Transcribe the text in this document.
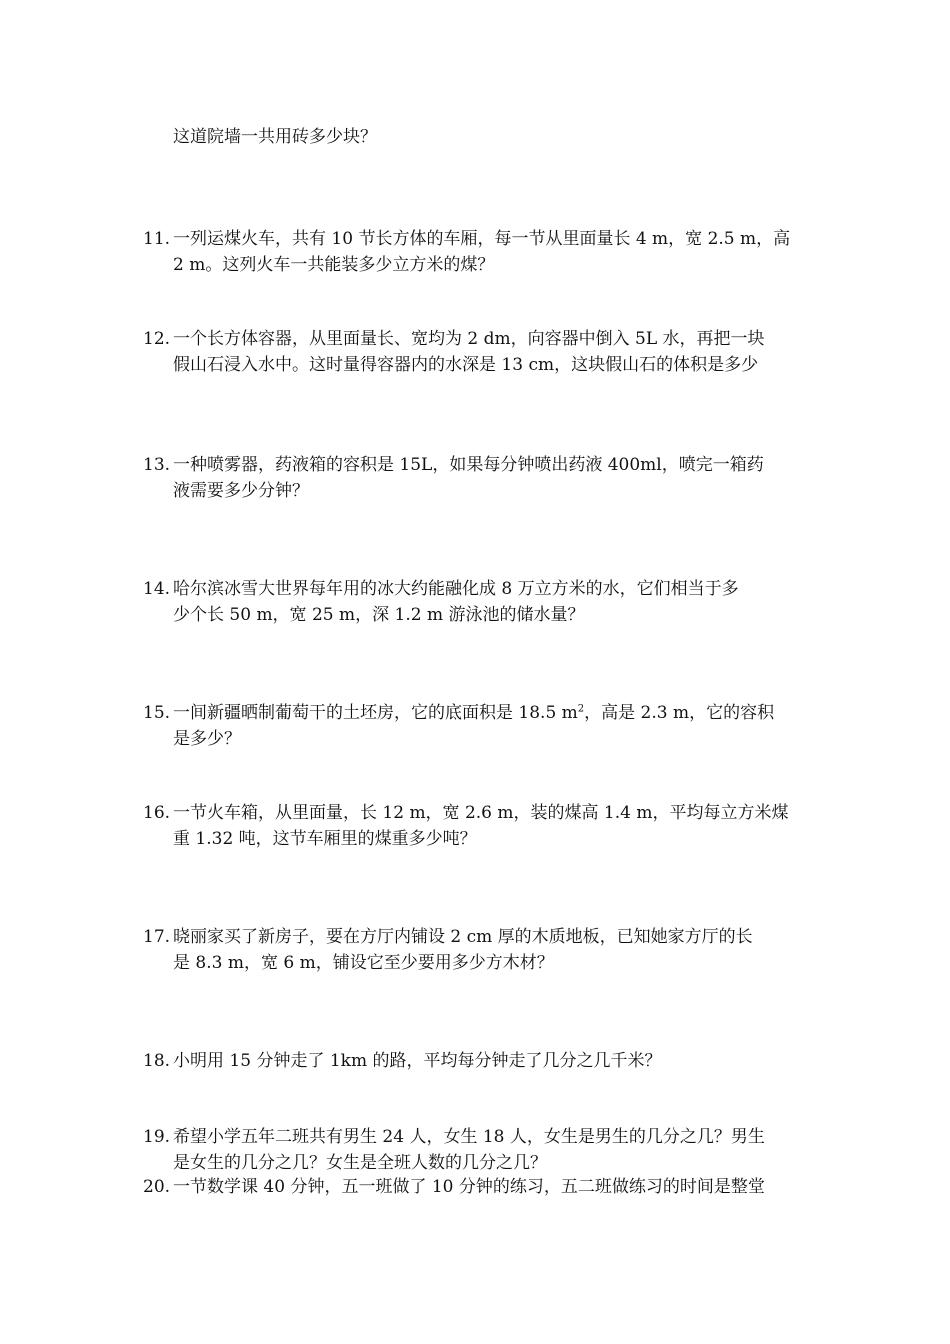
这道院墙一共用砖多少块？
11. 一列运煤火车，共有 10 节长方体的车厢，每一节从里面量长 4 m，宽 2.5 m，高
2 m。这列火车一共能装多少立方米的煤？
12. 一个长方体容器，从里面量长、宽均为 2 dm，向容器中倒入 5L 水，再把一块
假山石浸入水中。这时量得容器内的水深是 13 cm，这块假山石的体积是多少
13. 一种喷雾器，药液箱的容积是 15L，如果每分钟喷出药液 400ml，喷完一箱药
液需要多少分钟？
14. 哈尔滨冰雪大世界每年用的冰大约能融化成 8 万立方米的水，它们相当于多
少个长 50 m，宽 25 m，深 1.2 m 游泳池的储水量？
15. 一间新疆晒制葡萄干的土坯房，它的底面积是 18.5 $m^2$，高是 2.3 m，它的容积
是多少？
16. 一节火车箱，从里面量，长 12 m，宽 2.6 m，装的煤高 1.4 m，平均每立方米煤
重 1.32 吨，这节车厢里的煤重多少吨？
17. 晓丽家买了新房子，要在方厅内铺设 2 cm 厚的木质地板，已知她家方厅的长
是 8.3 m，宽 6 m，铺设它至少要用多少方木材？
18. 小明用 15 分钟走了 1km 的路，平均每分钟走了几分之几千米？
19. 希望小学五年二班共有男生 24 人，女生 18 人，女生是男生的几分之几？男生
是女生的几分之几？女生是全班人数的几分之几？
20. 一节数学课 40 分钟，五一班做了 10 分钟的练习，五二班做练习的时间是整堂
